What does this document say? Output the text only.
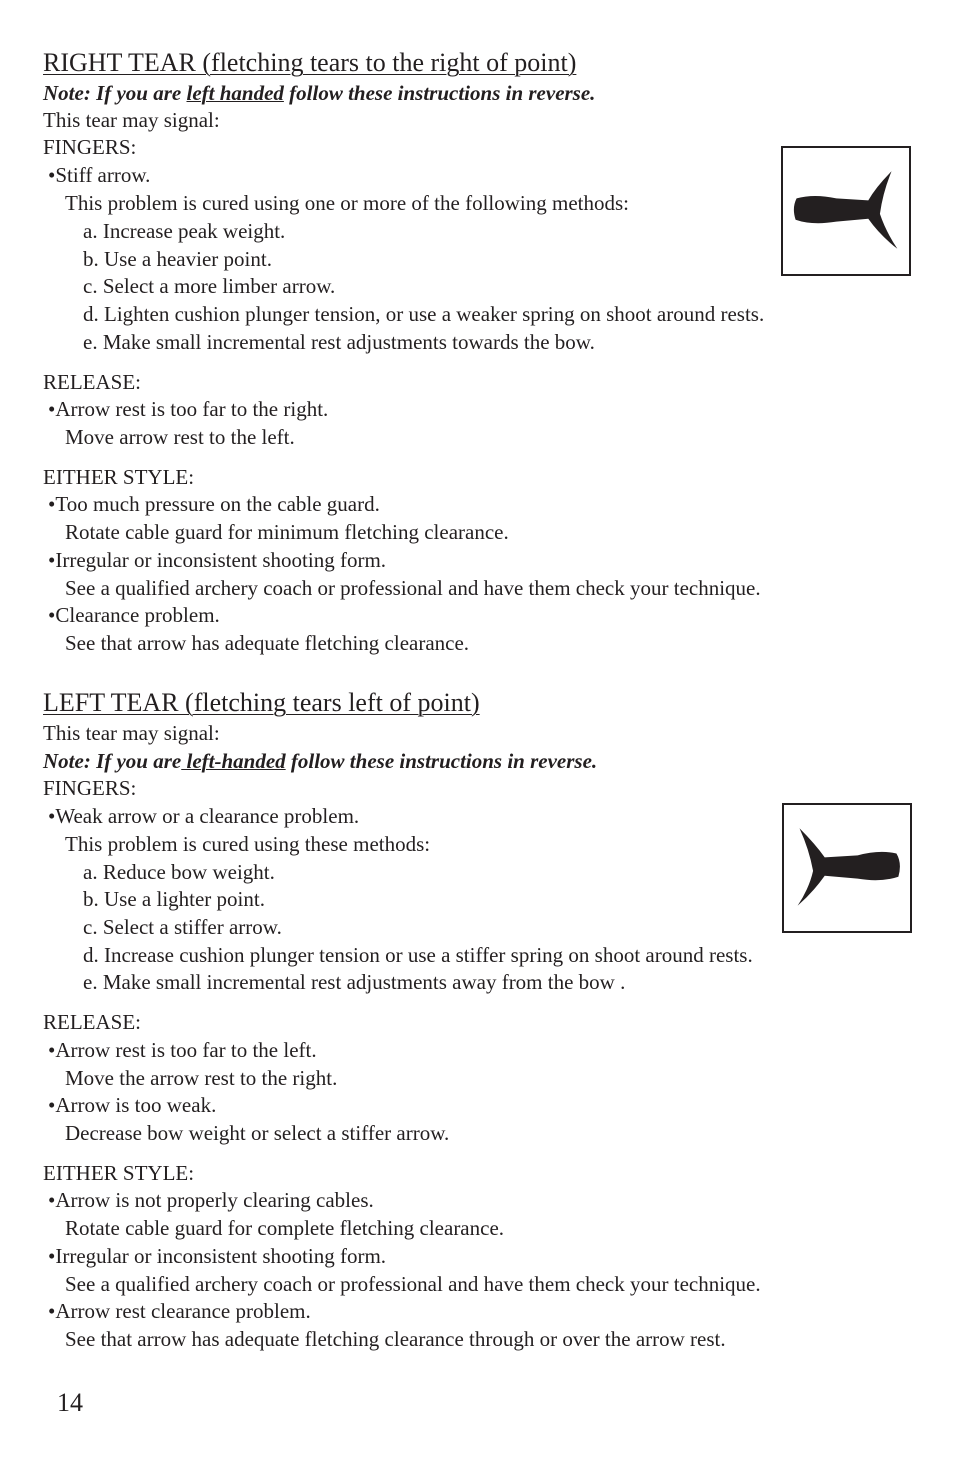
RIGHT TEAR (fletching tears to the right of point)
Note: If you are left handed follow these instructions in reverse.
This tear may signal:
FINGERS:
•Stiff arrow.
This problem is cured using one or more of the following methods:
a. Increase peak weight.
b. Use a heavier point.
c. Select a more limber arrow.
d. Lighten cushion plunger tension, or use a weaker spring on shoot around rests.
e. Make small incremental rest adjustments towards the bow.
RELEASE:
•Arrow rest is too far to the right.
Move arrow rest to the left.
EITHER STYLE:
•Too much pressure on the cable guard.
Rotate cable guard for minimum fletching clearance.
•Irregular or inconsistent shooting form.
See a qualified archery coach or professional and have them check your technique.
•Clearance problem.
See that arrow has adequate fletching clearance.
LEFT TEAR (fletching tears left of point)
This tear may signal:
Note: If you are left-handed follow these instructions in reverse.
FINGERS:
•Weak arrow or a clearance problem.
This problem is cured using these methods:
a. Reduce bow weight.
b. Use a lighter point.
c. Select a stiffer arrow.
d. Increase cushion plunger tension or use a stiffer spring on shoot around rests.
e. Make small incremental rest adjustments away from the bow .
RELEASE:
•Arrow rest is too far to the left.
Move the arrow rest to the right.
•Arrow is too weak.
Decrease bow weight or select a stiffer arrow.
EITHER STYLE:
•Arrow is not properly clearing cables.
Rotate cable guard for complete fletching clearance.
•Irregular or inconsistent shooting form.
See a qualified archery coach or professional and have them check your technique.
•Arrow rest clearance problem.
See that arrow has adequate fletching clearance through or over the arrow rest.
14
